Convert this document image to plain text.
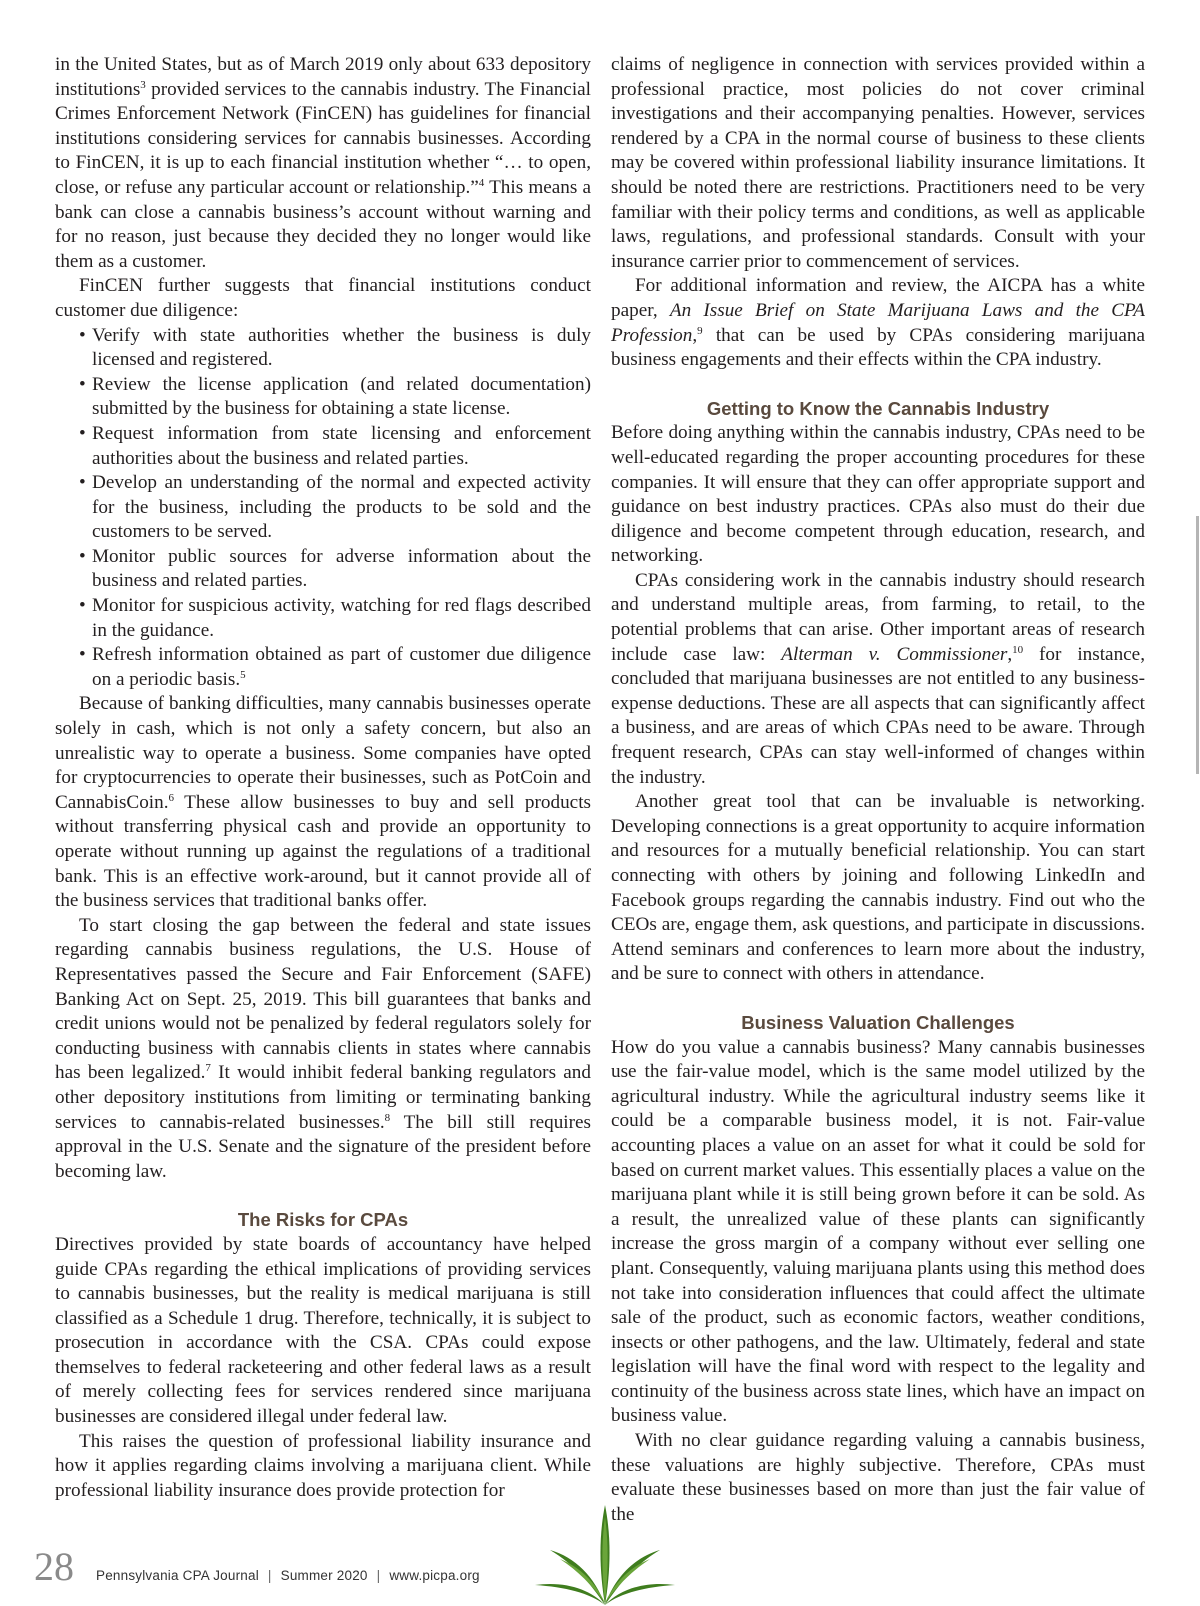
in the United States, but as of March 2019 only about 633 depository institutions$^3$ provided services to the cannabis industry. The Financial Crimes Enforcement Network (FinCEN) has guidelines for financial institutions considering services for cannabis businesses. According to FinCEN, it is up to each financial institution whether “… to open, close, or refuse any particular account or relationship.”$^4$ This means a bank can close a cannabis business’s account without warning and for no reason, just because they decided they no longer would like them as a customer.

FinCEN further suggests that financial institutions conduct customer due diligence:

• Verify with state authorities whether the business is duly licensed and registered.
• Review the license application (and related documentation) submitted by the business for obtaining a state license.
• Request information from state licensing and enforcement authorities about the business and related parties.
• Develop an understanding of the normal and expected activity for the business, including the products to be sold and the customers to be served.
• Monitor public sources for adverse information about the business and related parties.
• Monitor for suspicious activity, watching for red flags described in the guidance.
• Refresh information obtained as part of customer due diligence on a periodic basis.$^5$

Because of banking difficulties, many cannabis businesses operate solely in cash, which is not only a safety concern, but also an unrealistic way to operate a business. Some companies have opted for cryptocurrencies to operate their businesses, such as PotCoin and CannabisCoin.$^6$ These allow businesses to buy and sell products without transferring physical cash and provide an opportunity to operate without running up against the regulations of a traditional bank. This is an effective work-around, but it cannot provide all of the business services that traditional banks offer.

To start closing the gap between the federal and state issues regarding cannabis business regulations, the U.S. House of Representatives passed the Secure and Fair Enforcement (SAFE) Banking Act on Sept. 25, 2019. This bill guarantees that banks and credit unions would not be penalized by federal regulators solely for conducting business with cannabis clients in states where cannabis has been legalized.$^7$ It would inhibit federal banking regulators and other depository institutions from limiting or terminating banking services to cannabis-related businesses.$^8$ The bill still requires approval in the U.S. Senate and the signature of the president before becoming law.

The Risks for CPAs

Directives provided by state boards of accountancy have helped guide CPAs regarding the ethical implications of providing services to cannabis businesses, but the reality is medical marijuana is still classified as a Schedule 1 drug. Therefore, technically, it is subject to prosecution in accordance with the CSA. CPAs could expose themselves to federal racketeering and other federal laws as a result of merely collecting fees for services rendered since marijuana businesses are considered illegal under federal law.

This raises the question of professional liability insurance and how it applies regarding claims involving a marijuana client. While professional liability insurance does provide protection for

claims of negligence in connection with services provided within a professional practice, most policies do not cover criminal investigations and their accompanying penalties. However, services rendered by a CPA in the normal course of business to these clients may be covered within professional liability insurance limitations. It should be noted there are restrictions. Practitioners need to be very familiar with their policy terms and conditions, as well as applicable laws, regulations, and professional standards. Consult with your insurance carrier prior to commencement of services.

For additional information and review, the AICPA has a white paper, An Issue Brief on State Marijuana Laws and the CPA Profession,$^9$ that can be used by CPAs considering marijuana business engagements and their effects within the CPA industry.

Getting to Know the Cannabis Industry

Before doing anything within the cannabis industry, CPAs need to be well-educated regarding the proper accounting procedures for these companies. It will ensure that they can offer appropriate support and guidance on best industry practices. CPAs also must do their due diligence and become competent through education, research, and networking.

CPAs considering work in the cannabis industry should research and understand multiple areas, from farming, to retail, to the potential problems that can arise. Other important areas of research include case law: Alterman v. Commissioner,$^{10}$ for instance, concluded that marijuana businesses are not entitled to any business-expense deductions. These are all aspects that can significantly affect a business, and are areas of which CPAs need to be aware. Through frequent research, CPAs can stay well-informed of changes within the industry.

Another great tool that can be invaluable is networking. Developing connections is a great opportunity to acquire information and resources for a mutually beneficial relationship. You can start connecting with others by joining and following LinkedIn and Facebook groups regarding the cannabis industry. Find out who the CEOs are, engage them, ask questions, and participate in discussions. Attend seminars and conferences to learn more about the industry, and be sure to connect with others in attendance.

Business Valuation Challenges

How do you value a cannabis business? Many cannabis businesses use the fair-value model, which is the same model utilized by the agricultural industry. While the agricultural industry seems like it could be a comparable business model, it is not. Fair-value accounting places a value on an asset for what it could be sold for based on current market values. This essentially places a value on the marijuana plant while it is still being grown before it can be sold. As a result, the unrealized value of these plants can significantly increase the gross margin of a company without ever selling one plant. Consequently, valuing marijuana plants using this method does not take into consideration influences that could affect the ultimate sale of the product, such as economic factors, weather conditions, insects or other pathogens, and the law. Ultimately, federal and state legislation will have the final word with respect to the legality and continuity of the business across state lines, which have an impact on business value.

With no clear guidance regarding valuing a cannabis business, these valuations are highly subjective. Therefore, CPAs must evaluate these businesses based on more than just the fair value of the

28 Pennsylvania CPA Journal | Summer 2020 | www.picpa.org
